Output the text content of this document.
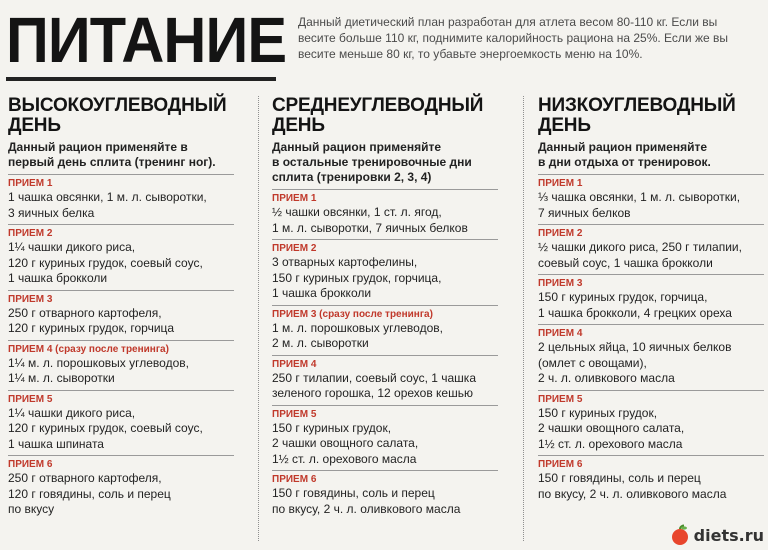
ПИТАНИЕ Данный диетический план разработан для атлета весом 80-110 кг. Если вы весите больше 110 кг, поднимите калорийность рациона на 25%. Если же вы весите меньше 80 кг, то убавьте энергоемкость меню на 10%.
ВЫСОКОУГЛЕВОДНЫЙ
ДЕНЬ
Данный рацион применяйте в
первый день сплита (тренинг ног).
ПРИЕМ 1
1 чашка овсянки, 1 м. л. сыворотки,
3 яичных белка
ПРИЕМ 2
1¼ чашки дикого риса,
120 г куриных грудок, соевый соус,
1 чашка брокколи
ПРИЕМ 3
250 г отварного картофеля,
120 г куриных грудок, горчица
ПРИЕМ 4 (сразу после тренинга)
1¼ м. л. порошковых углеводов,
1¼ м. л. сыворотки
ПРИЕМ 5
1¼ чашки дикого риса,
120 г куриных грудок, соевый соус,
1 чашка шпината
ПРИЕМ 6
250 г отварного картофеля,
120 г говядины, соль и перец
по вкусу
СРЕДНЕУГЛЕВОДНЫЙ
ДЕНЬ
Данный рацион применяйте
в остальные тренировочные дни
сплита (тренировки 2, 3, 4)
ПРИЕМ 1
½ чашки овсянки, 1 ст. л. ягод,
1 м. л. сыворотки, 7 яичных белков
ПРИЕМ 2
3 отварных картофелины,
150 г куриных грудок, горчица,
1 чашка брокколи
ПРИЕМ 3 (сразу после тренинга)
1 м. л. порошковых углеводов,
2 м. л. сыворотки
ПРИЕМ 4
250 г тилапии, соевый соус, 1 чашка
зеленого горошка, 12 орехов кешью
ПРИЕМ 5
150 г куриных грудок,
2 чашки овощного салата,
1½ ст. л. орехового масла
ПРИЕМ 6
150 г говядины, соль и перец
по вкусу, 2 ч. л. оливкового масла
НИЗКОУГЛЕВОДНЫЙ
ДЕНЬ
Данный рацион применяйте
в дни отдыха от тренировок.
ПРИЕМ 1
⅓ чашка овсянки, 1 м. л. сыворотки,
7 яичных белков
ПРИЕМ 2
½ чашки дикого риса, 250 г тилапии,
соевый соус, 1 чашка брокколи
ПРИЕМ 3
150 г куриных грудок, горчица,
1 чашка брокколи, 4 грецких ореха
ПРИЕМ 4
2 цельных яйца, 10 яичных белков
(омлет с овощами),
2 ч. л. оливкового масла
ПРИЕМ 5
150 г куриных грудок,
2 чашки овощного салата,
1½ ст. л. орехового масла
ПРИЕМ 6
150 г говядины, соль и перец
по вкусу, 2 ч. л. оливкового масла
diets.ru
